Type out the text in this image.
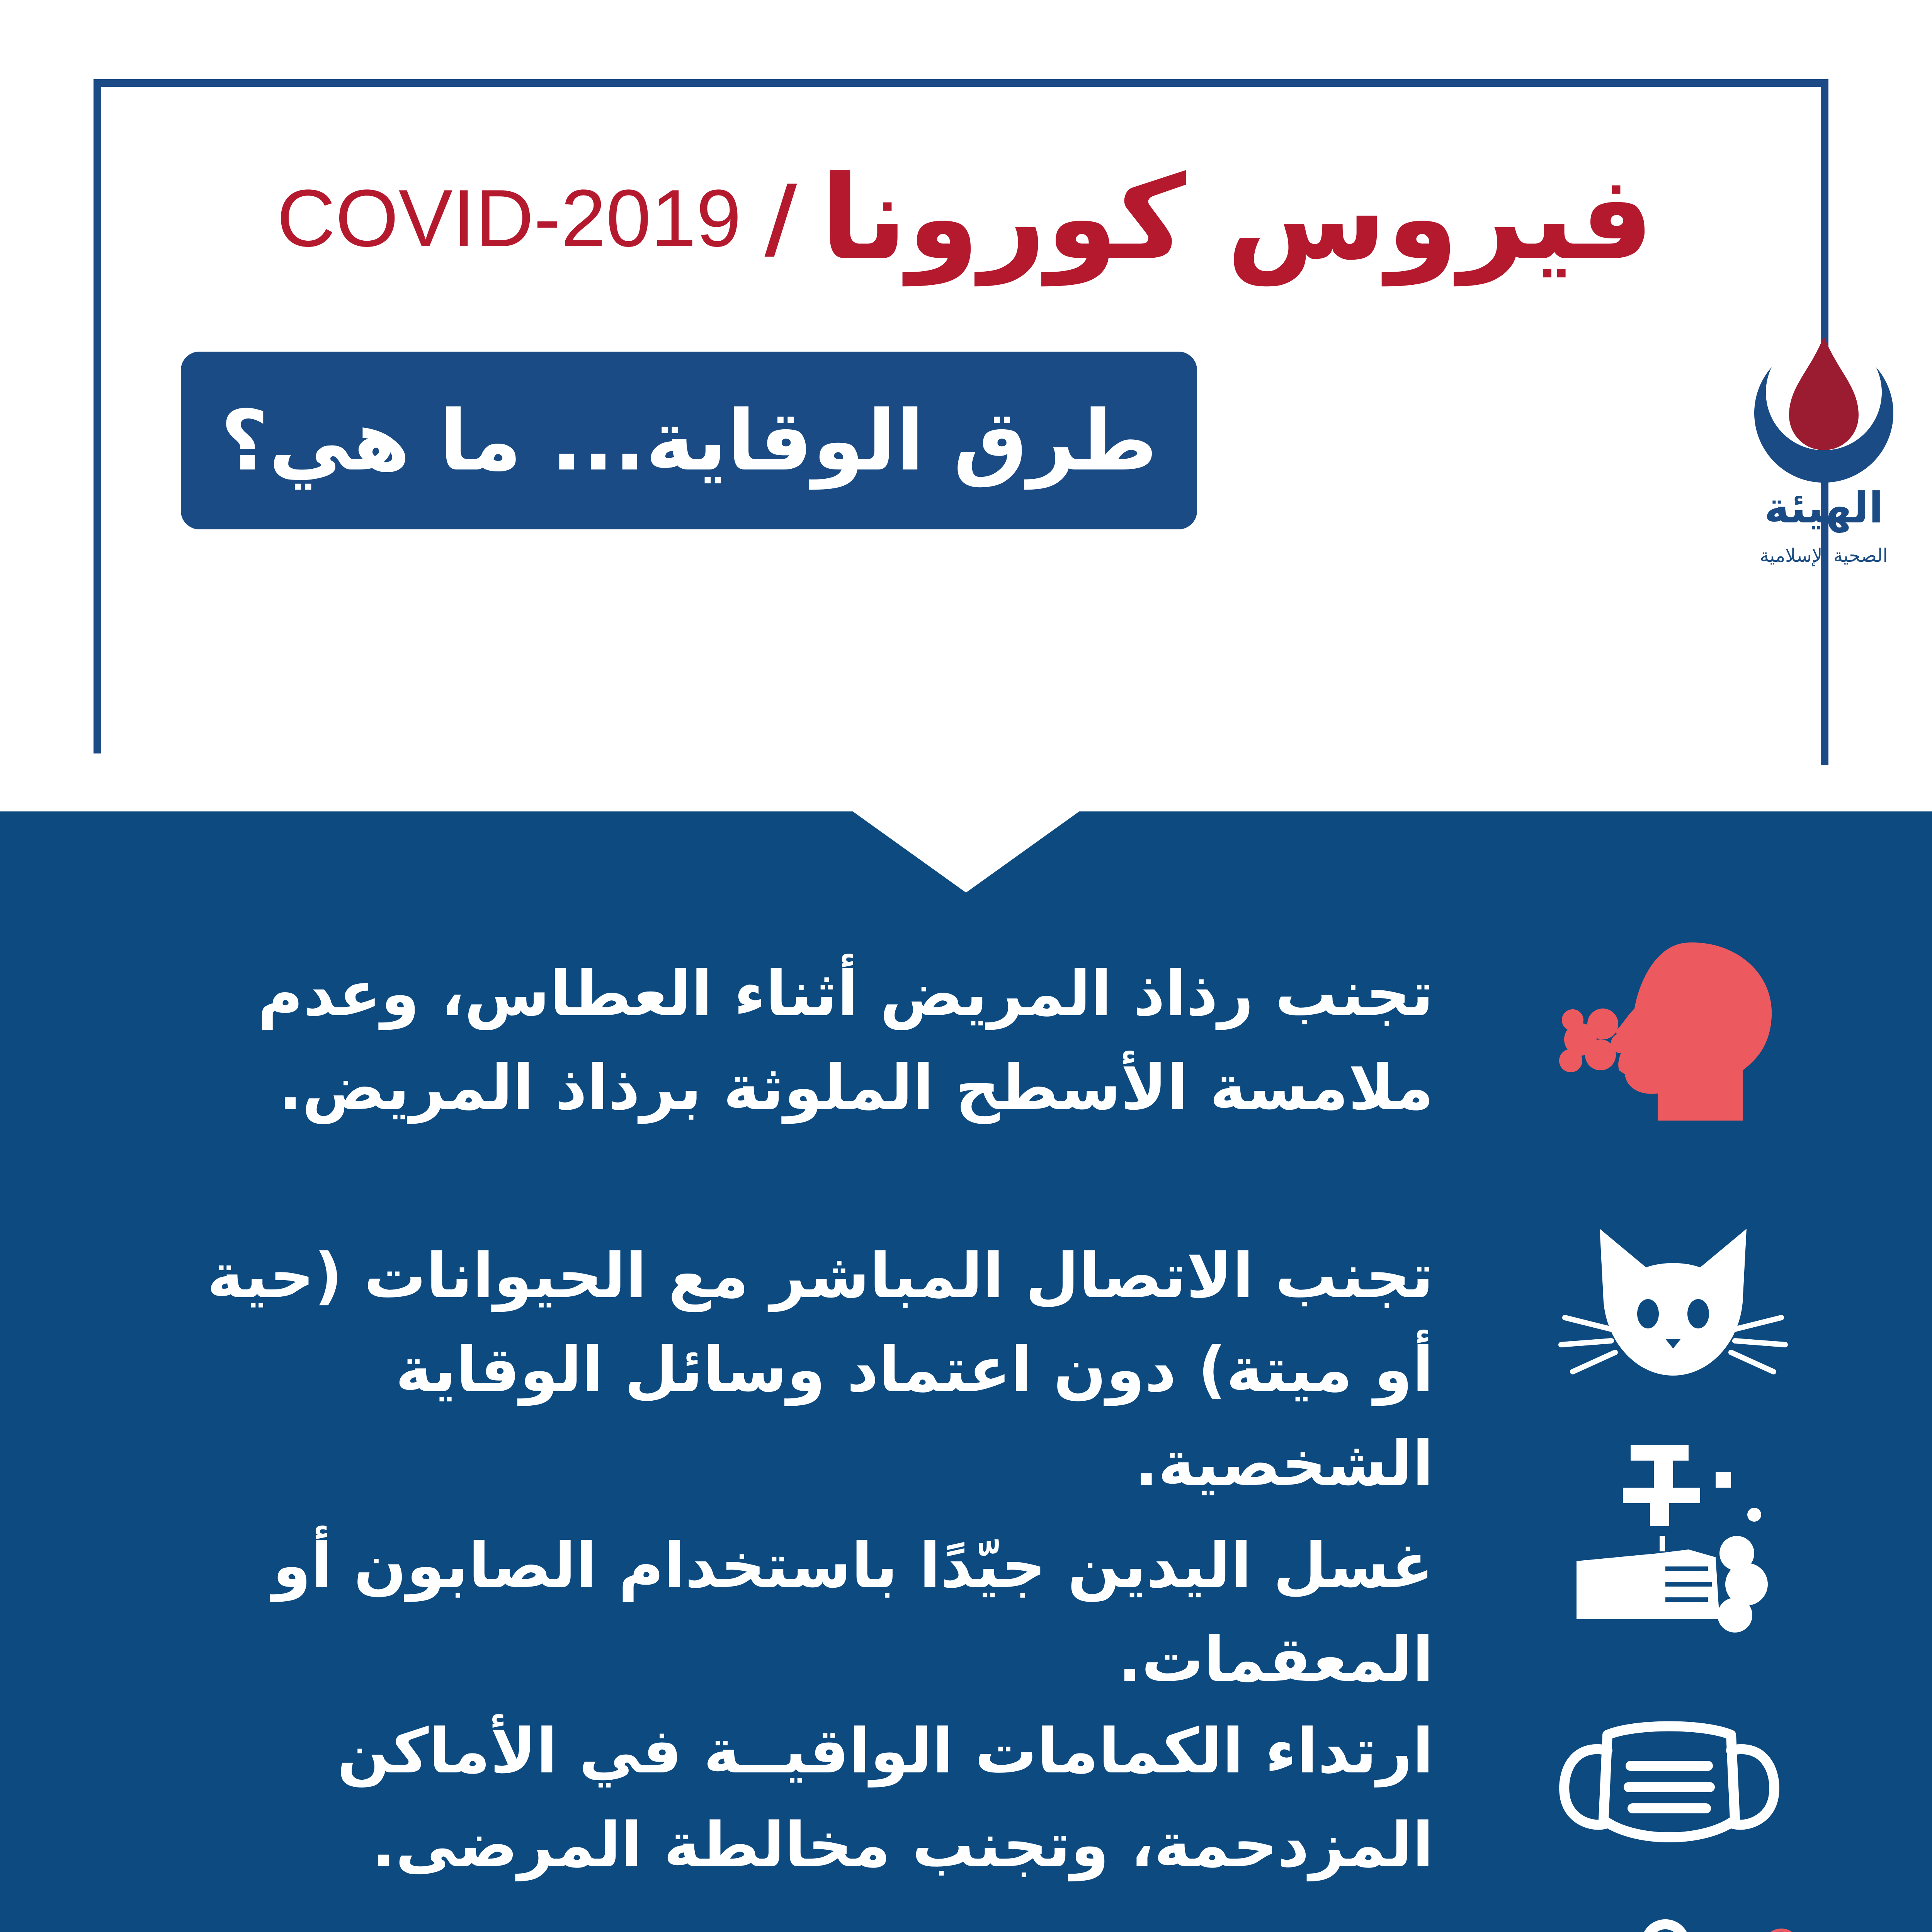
فيروس كورونا
/
COVID-2019
طرق الوقاية... ما هي؟
الهيئة
الصحية الإسلامية
تجنب رذاذ المريض أثناء العطاس، وعدم ملامسة الأسطح الملوثة برذاذ المريض.
تجنب الاتصال المباشر مع الحيوانات (حية أو ميتة) دون اعتماد وسائل الوقاية الشخصية.
غسل اليدين جيّدًا باستخدام الصابون أو المعقمات.
ارتداء الكمامات الواقيــة في الأماكن المزدحمة، وتجنب مخالطة المرضى.
